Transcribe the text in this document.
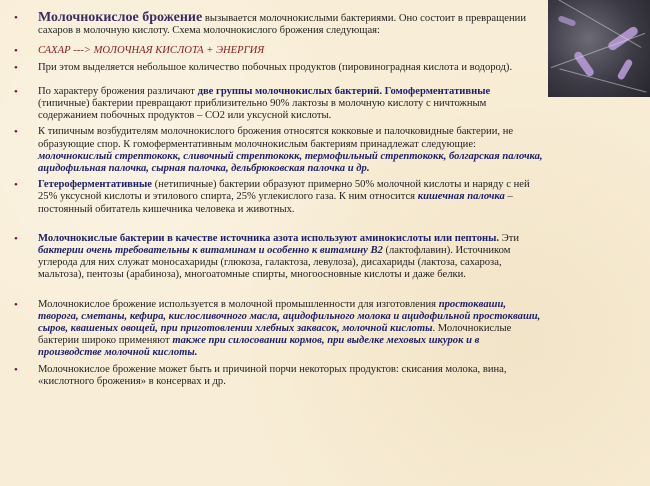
• Молочнокислое брожение вызывается молочнокислыми бактериями. Оно состоит в превращении сахаров в молочную кислоту. Схема молочнокислого брожения следующая:

• САХАР ---> МОЛОЧНАЯ КИСЛОТА + ЭНЕРГИЯ

• При этом выделяется небольшое количество побочных продуктов (пировиноградная кислота и водород).

• По характеру брожения различают две группы молочнокислых бактерий. Гомоферментативные (типичные) бактерии превращают приблизительно 90% лактозы в молочную кислоту с ничтожным содержанием побочных продуктов – СО2 или уксусной кислоты.

• К типичным возбудителям молочнокислого брожения относятся кокковые и палочковидные бактерии, не образующие спор. К гомоферментативным молочнокислым бактериям принадлежат следующие: молочнокислый стрептококк, сливочный стрептококк, термофильный стрептококк, болгарская палочка, ацидофильная палочка, сырная палочка, дельбрюковская палочка и др.

• Гетероферментативные (нетипичные) бактерии образуют примерно 50% молочной кислоты и наряду с ней 25% уксусной кислоты и этилового спирта, 25% углекислого газа. К ним относится кишечная палочка – постоянный обитатель кишечника человека и животных.

• Молочнокислые бактерии в качестве источника азота используют аминокислоты или пептоны. Эти бактерии очень требовательны к витаминам и особенно к витамину В2 (лактофлавин). Источником углерода для них служат моносахариды (глюкоза, галактоза, левулоза), дисахариды (лактоза, сахароза, мальтоза), пентозы (арабиноза), многоатомные спирты, многоосновные кислоты и даже белки.

• Молочнокислое брожение используется в молочной промышленности для изготовления простокваши, творога, сметаны, кефира, кислосливочного масла, ацидофильного молока и ацидофильной простокваши, сыров, квашеных овощей, при приготовлении хлебных заквасок, молочной кислоты. Молочнокислые бактерии широко применяют также при силосовании кормов, при выделке меховых шкурок и в производстве молочной кислоты.

• Молочнокислое брожение может быть и причиной порчи некоторых продуктов: скисания молока, вина, «кислотного брожения» в консервах и др.
